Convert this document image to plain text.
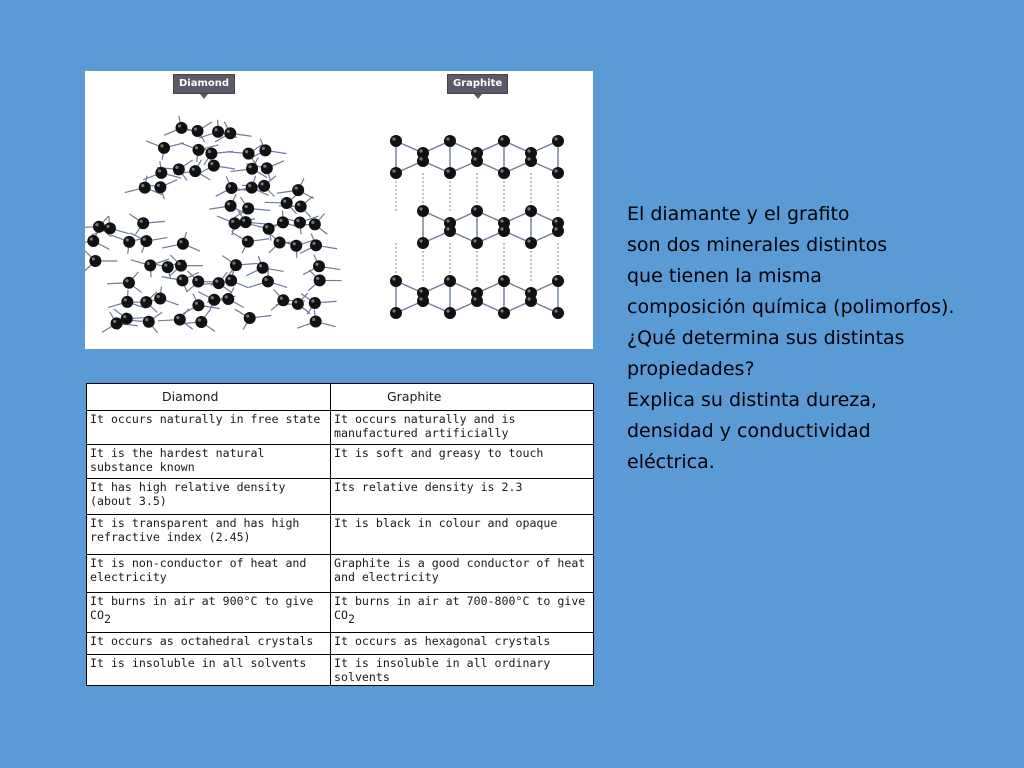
Diamond	Graphite
Diamond	Graphite
It occurs naturally in free state	It occurs naturally and is manufactured artificially
It is the hardest natural substance known	It is soft and greasy to touch
It has high relative density (about 3.5)	Its relative density is 2.3
It is transparent and has high refractive index (2.45)	It is black in colour and opaque
It is non-conductor of heat and electricity	Graphite is a good conductor of heat and electricity
It burns in air at 900°C to give CO2	It burns in air at 700-800°C to give CO2
It occurs as octahedral crystals	It occurs as hexagonal crystals
It is insoluble in all solvents	It is insoluble in all ordinary solvents
El diamante y el grafito
son dos minerales distintos
que tienen la misma
composición química (polimorfos).
¿Qué determina sus distintas
propiedades?
Explica su distinta dureza,
densidad y conductividad
eléctrica.
